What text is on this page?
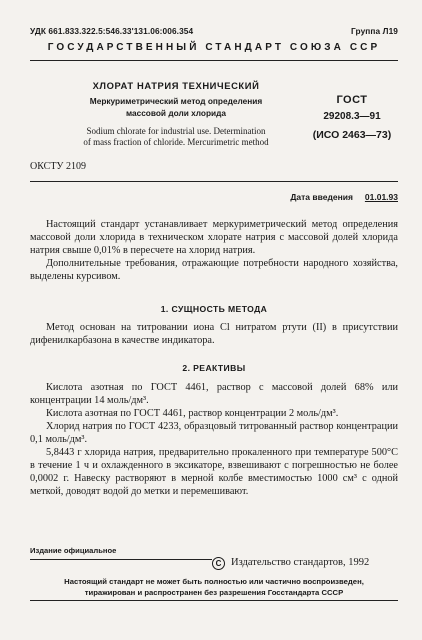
УДК 661.833.322.5:546.33'131.06:006.354	Группа Л19
ГОСУДАРСТВЕННЫЙ СТАНДАРТ СОЮЗА ССР
ХЛОРАТ НАТРИЯ ТЕХНИЧЕСКИЙ
Меркуриметрический метод определения
массовой доли хлорида
Sodium chlorate for industrial use. Determination
of mass fraction of chloride. Mercurimetric method
ГОСТ
29208.3—91
(ИСО 2463—73)
ОКСТУ 2109
Дата введения 01.01.93

Настоящий стандарт устанавливает меркуриметрический метод определения массовой доли хлорида в техническом хлорате натрия с массовой долей хлорида натрия свыше 0,01% в пересчете на хлорид натрия.

Дополнительные требования, отражающие потребности народного хозяйства, выделены курсивом.

1. СУЩНОСТЬ МЕТОДА

Метод основан на титровании иона Cl нитратом ртути (II) в присутствии дифенилкарбазона в качестве индикатора.

2. РЕАКТИВЫ

Кислота азотная по ГОСТ 4461, раствор с массовой долей 68% или концентрации 14 моль/дм³.

Кислота азотная по ГОСТ 4461, раствор концентрации 2 моль/дм³.

Хлорид натрия по ГОСТ 4233, образцовый титрованный раствор концентрации 0,1 моль/дм³.

5,8443 г хлорида натрия, предварительно прокаленного при температуре 500°C в течение 1 ч и охлажденного в эксикаторе, взвешивают с погрешностью не более 0,0002 г. Навеску растворяют в мерной колбе вместимостью 1000 см³ с одной меткой, доводят водой до метки и перемешивают.

Издание официальное
C Издательство стандартов, 1992
Настоящий стандарт не может быть полностью или частично воспроизведен,
тиражирован и распространен без разрешения Госстандарта СССР
